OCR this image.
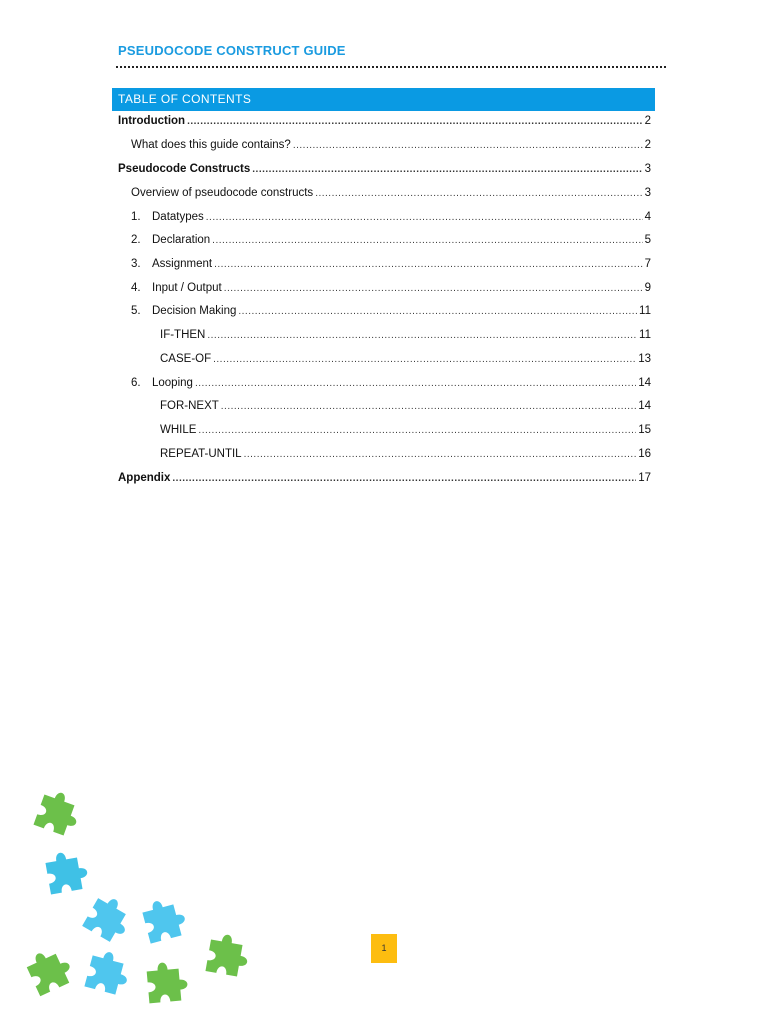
PSEUDOCODE CONSTRUCT GUIDE
TABLE OF CONTENTS
Introduction .....	2
What does this guide contains? .....	2
Pseudocode Constructs .....	3
Overview of pseudocode constructs .....	3
1. Datatypes .....	4
2. Declaration .....	5
3. Assignment .....	7
4. Input / Output .....	9
5. Decision Making .....	11
IF-THEN .....	11
CASE-OF .....	13
6. Looping .....	14
FOR-NEXT .....	14
WHILE .....	15
REPEAT-UNTIL .....	16
Appendix .....	17
1
